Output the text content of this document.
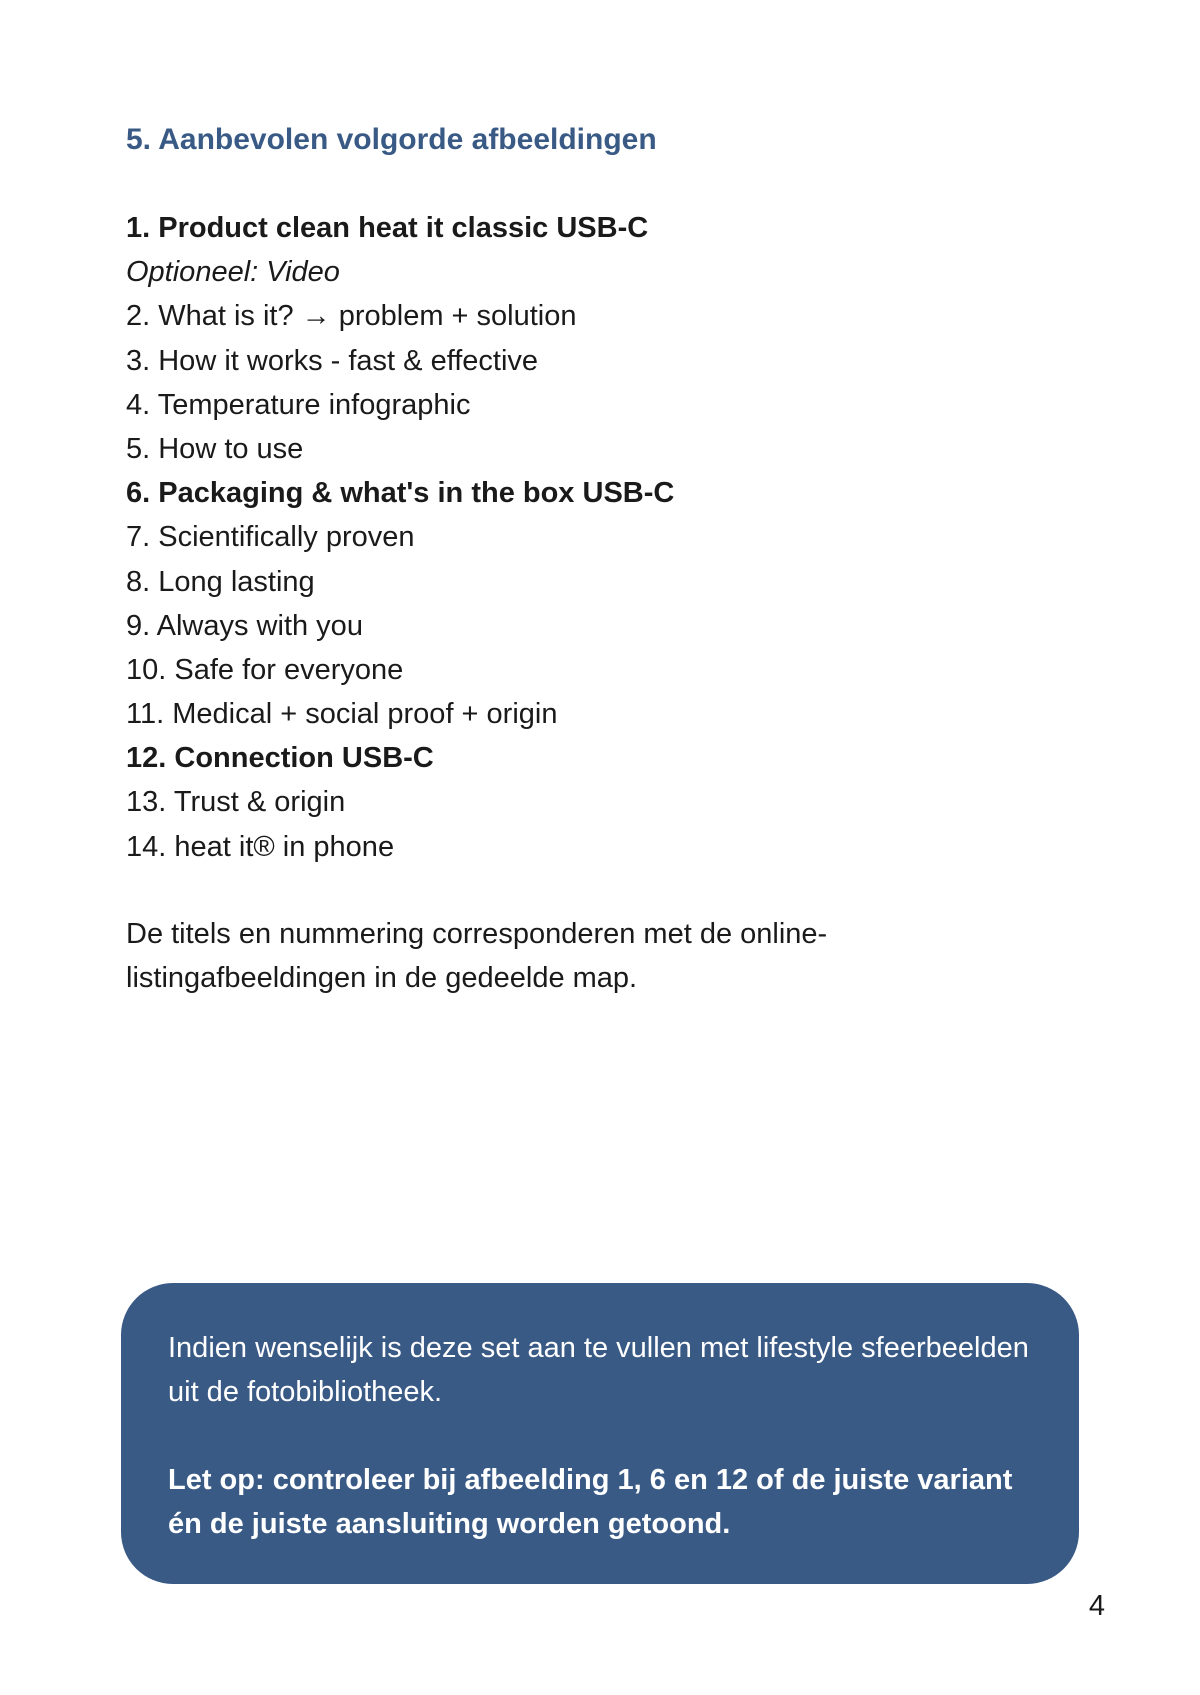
5. Aanbevolen volgorde afbeeldingen
1. Product clean heat it classic USB-C
Optioneel: Video
2. What is it? → problem + solution
3. How it works - fast & effective
4. Temperature infographic
5. How to use
6. Packaging & what's in the box USB-C
7. Scientifically proven
8. Long lasting
9. Always with you
10. Safe for everyone
11. Medical + social proof + origin
12. Connection USB-C
13. Trust & origin
14. heat it® in phone

De titels en nummering corresponderen met de online-listingafbeeldingen in de gedeelde map.

Indien wenselijk is deze set aan te vullen met lifestyle sfeerbeelden uit de fotobibliotheek.

Let op: controleer bij afbeelding 1, 6 en 12 of de juiste variant én de juiste aansluiting worden getoond.

4
